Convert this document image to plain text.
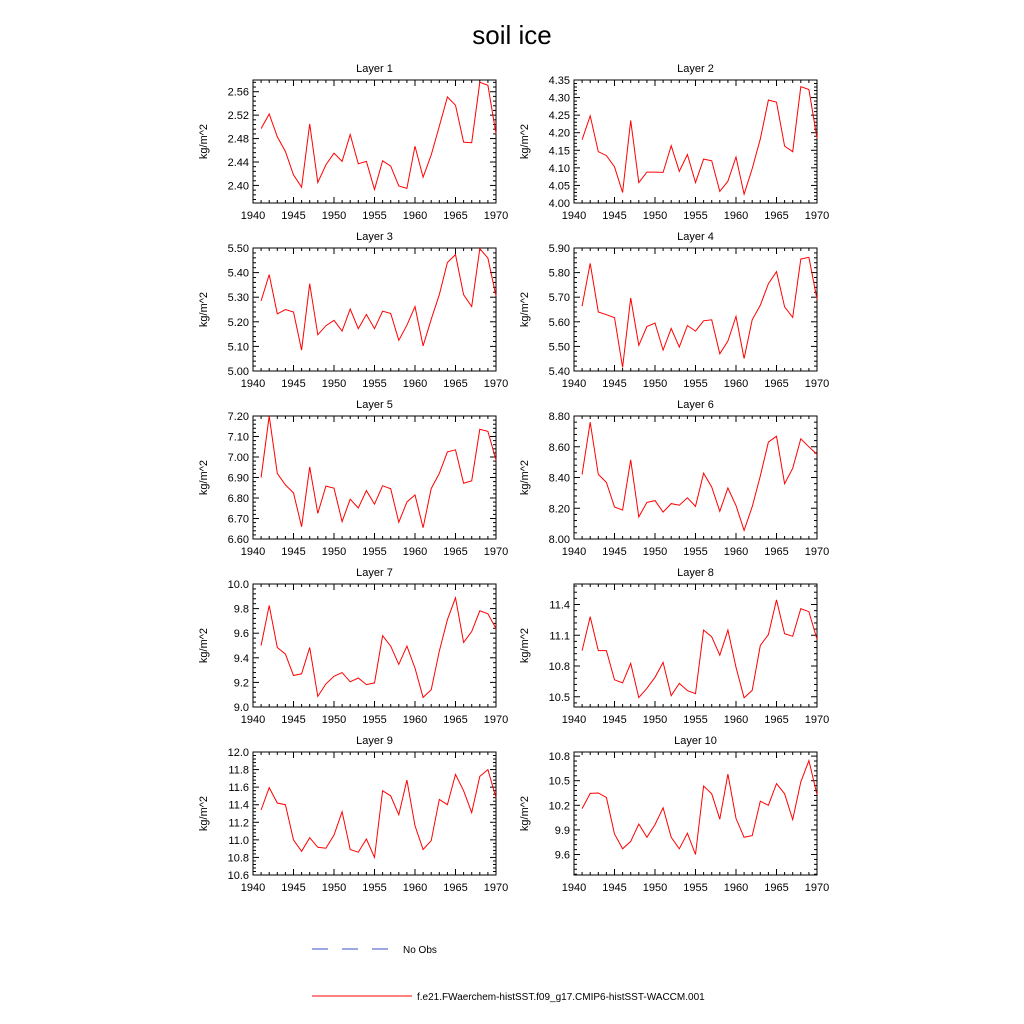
soil ice
Layer 1
1940 1945 1950 1955 1960 1965 1970
2.40
2.44
2.48
2.52
2.56
kg/m^2
Layer 2
1940 1945 1950 1955 1960 1965 1970
4.00
4.05
4.10
4.15
4.20
4.25
4.30
4.35
kg/m^2
Layer 3
1940 1945 1950 1955 1960 1965 1970
5.00
5.10
5.20
5.30
5.40
5.50
kg/m^2
Layer 4
1940 1945 1950 1955 1960 1965 1970
5.40
5.50
5.60
5.70
5.80
5.90
kg/m^2
Layer 5
1940 1945 1950 1955 1960 1965 1970
6.60
6.70
6.80
6.90
7.00
7.10
7.20
kg/m^2
Layer 6
1940 1945 1950 1955 1960 1965 1970
8.00
8.20
8.40
8.60
8.80
kg/m^2
Layer 7
1940 1945 1950 1955 1960 1965 1970
9.0
9.2
9.4
9.6
9.8
10.0
kg/m^2
Layer 8
1940 1945 1950 1955 1960 1965 1970
10.5
10.8
11.1
11.4
kg/m^2
Layer 9
1940 1945 1950 1955 1960 1965 1970
10.6
10.8
11.0
11.2
11.4
11.6
11.8
12.0
kg/m^2
Layer 10
1940 1945 1950 1955 1960 1965 1970
9.6
9.9
10.2
10.5
10.8
kg/m^2
No Obs
f.e21.FWaerchem-histSST.f09_g17.CMIP6-histSST-WACCM.001
